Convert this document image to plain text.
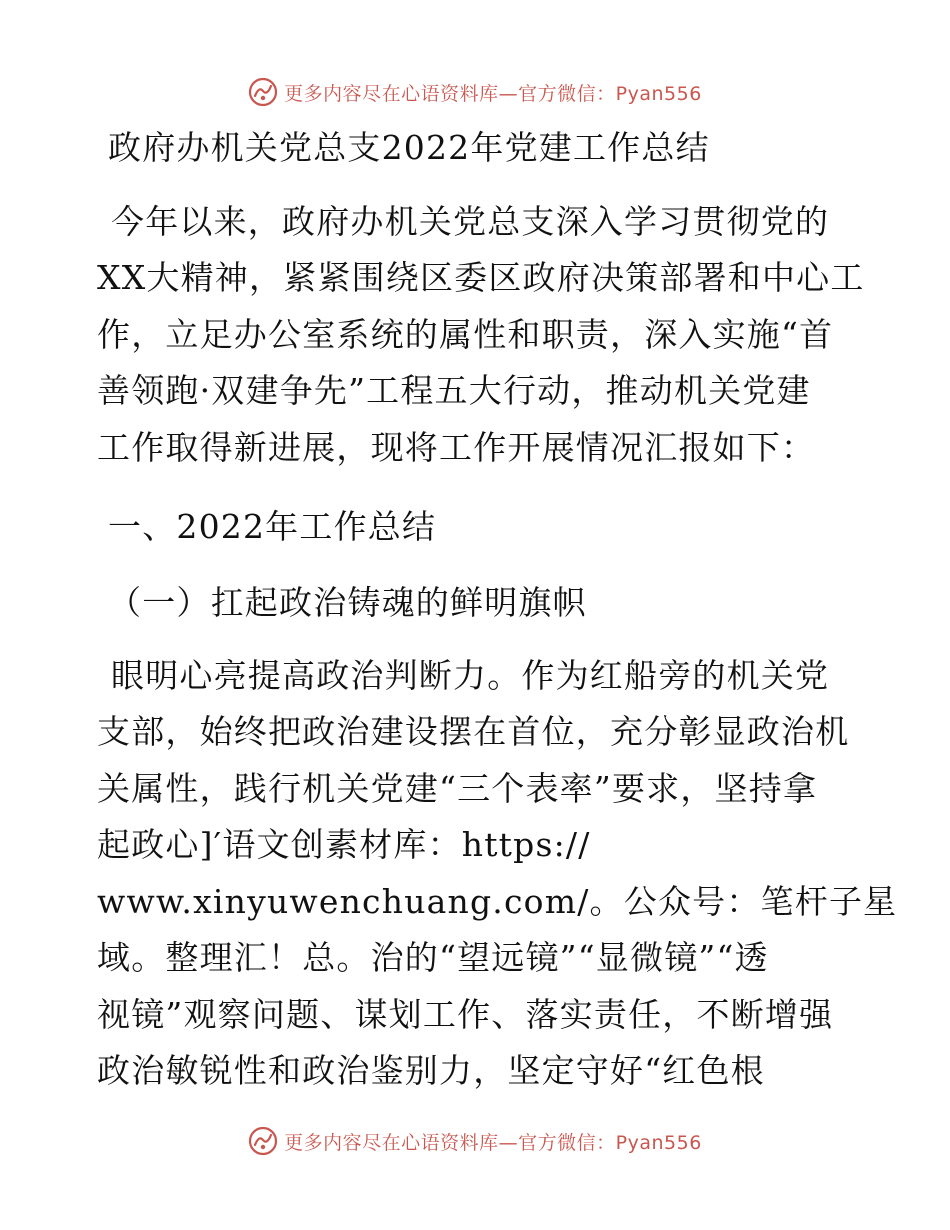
更多内容尽在心语资料库—官方微信：Pyan556
政府办机关党总支2022年党建工作总结
今年以来，政府办机关党总支深入学习贯彻党的
XX大精神，紧紧围绕区委区政府决策部署和中心工
作，立足办公室系统的属性和职责，深入实施“首
善领跑·双建争先”工程五大行动，推动机关党建
工作取得新进展，现将工作开展情况汇报如下：
一、2022年工作总结
（一）扛起政治铸魂的鲜明旗帜
眼明心亮提高政治判断力。作为红船旁的机关党
支部，始终把政治建设摆在首位，充分彰显政治机
关属性，践行机关党建“三个表率”要求，坚持拿
起政心]′语文创素材库：https://
www.xinyuwenchuang.com/。公众号：笔杆子星
域。整理汇！总。治的“望远镜”“显微镜”“透
视镜”观察问题、谋划工作、落实责任，不断增强
政治敏锐性和政治鉴别力，坚定守好“红色根
更多内容尽在心语资料库—官方微信：Pyan556
